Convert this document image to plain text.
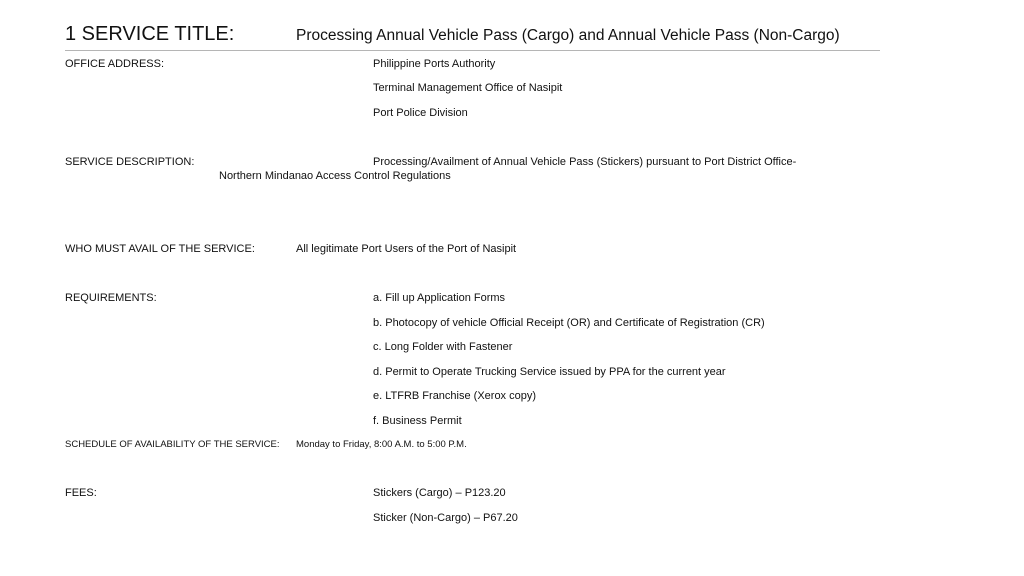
1 SERVICE TITLE:	Processing Annual Vehicle Pass (Cargo) and Annual Vehicle Pass (Non-Cargo)
OFFICE ADDRESS:	Philippine Ports Authority
Terminal Management Office of Nasipit
Port Police Division
SERVICE DESCRIPTION:	Processing/Availment of Annual Vehicle Pass (Stickers) pursuant to Port District Office-
Northern Mindanao Access Control Regulations
WHO MUST AVAIL OF THE SERVICE:	All legitimate Port Users of the Port of Nasipit
REQUIREMENTS:	a. Fill up Application Forms
b. Photocopy of vehicle Official Receipt (OR) and Certificate of Registration (CR)
c. Long Folder with Fastener
d. Permit to Operate Trucking Service issued by PPA for the current year
e. LTFRB Franchise (Xerox copy)
f. Business Permit
SCHEDULE OF AVAILABILITY OF THE SERVICE: Monday to Friday, 8:00 A.M. to 5:00 P.M.
FEES:	Stickers (Cargo) – P123.20
Sticker (Non-Cargo) – P67.20
